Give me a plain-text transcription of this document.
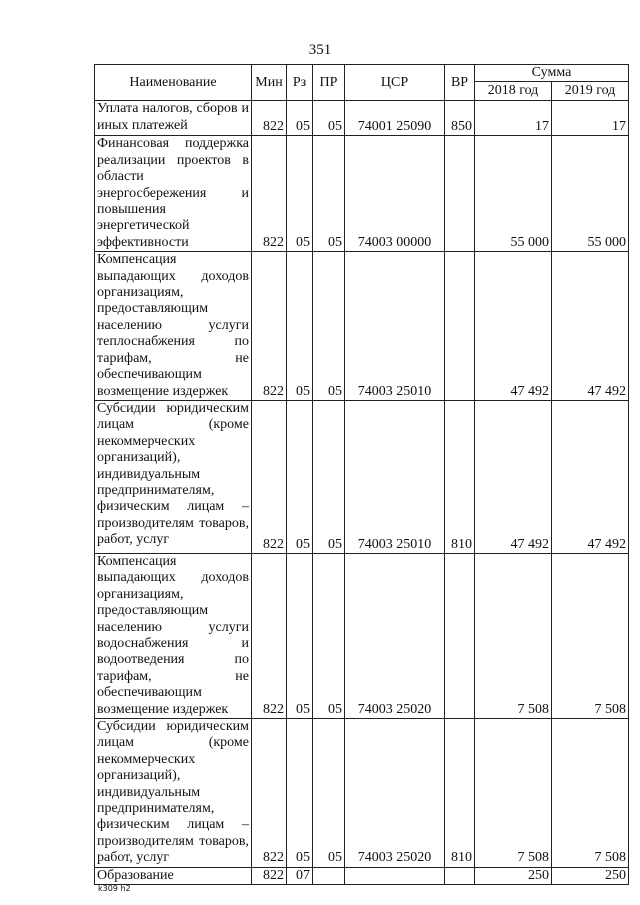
351
Наименование	Мин	Рз	ПР	ЦСР	ВР	Сумма	
						2018 год	2019 год

Уплата налогов, сборов и иных платежей	822	05	05	74001 25090	850	17	17

Финансовая поддержка реализации проектов в области энергосбережения и повышения энергетической эффективности	822	05	05	74003 00000		55 000	55 000

Компенсация выпадающих доходов организациям, предоставляющим населению услуги теплоснабжения по тарифам, не обеспечивающим возмещение издержек	822	05	05	74003 25010		47 492	47 492

Субсидии юридическим лицам (кроме некоммерческих организаций), индивидуальным предпринимателям, физическим лицам – производителям товаров, работ, услуг	822	05	05	74003 25010	810	47 492	47 492

Компенсация выпадающих доходов организациям, предоставляющим населению услуги водоснабжения и водоотведения по тарифам, не обеспечивающим возмещение издержек	822	05	05	74003 25020		7 508	7 508

Субсидии юридическим лицам (кроме некоммерческих организаций), индивидуальным предпринимателям, физическим лицам – производителям товаров, работ, услуг	822	05	05	74003 25020	810	7 508	7 508

Образование	822	07				250	250
k309 h2
